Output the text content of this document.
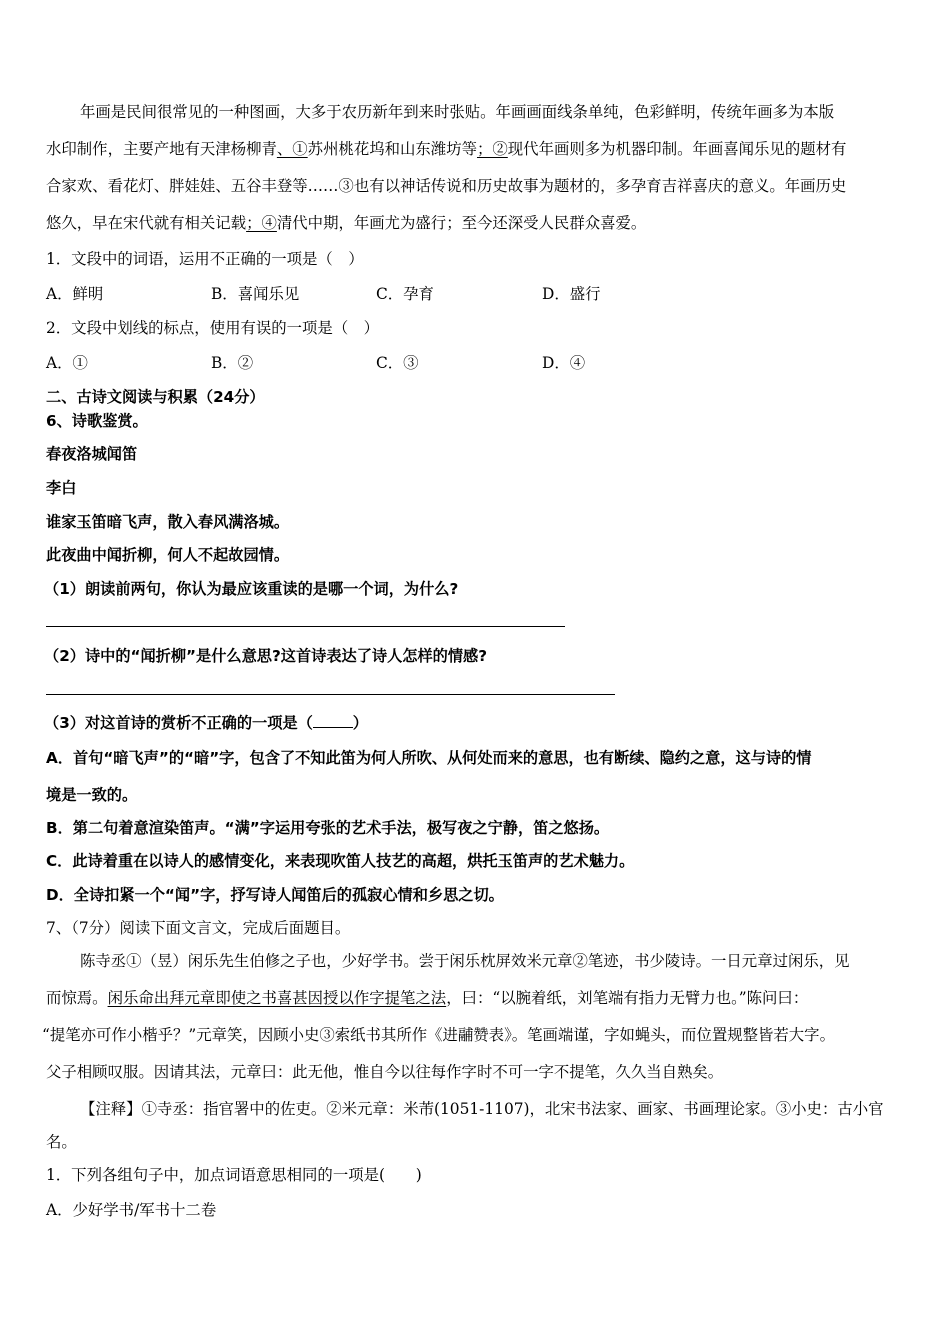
年画是民间很常见的一种图画，大多于农历新年到来时张贴。年画画面线条单纯，色彩鲜明，传统年画多为本版
水印制作，主要产地有天津杨柳青、①苏州桃花坞和山东潍坊等；②现代年画则多为机器印制。年画喜闻乐见的题材有
合家欢、看花灯、胖娃娃、五谷丰登等……③也有以神话传说和历史故事为题材的，多孕育吉祥喜庆的意义。年画历史
悠久，早在宋代就有相关记载；④清代中期，年画尤为盛行；至今还深受人民群众喜爱。
1．文段中的词语，运用不正确的一项是（　）
A．鲜明	B．喜闻乐见	C．孕育	D．盛行
2．文段中划线的标点，使用有误的一项是（　）
A．①	B．②	C．③	D．④
二、古诗文阅读与积累（24分）
6、诗歌鉴赏。
春夜洛城闻笛
李白
谁家玉笛暗飞声，散入春风满洛城。
此夜曲中闻折柳，何人不起故园情。
（1）朗读前两句，你认为最应该重读的是哪一个词，为什么?
（2）诗中的“闻折柳”是什么意思?这首诗表达了诗人怎样的情感?
（3）对这首诗的赏析不正确的一项是（	）
A．首句“暗飞声”的“暗”字，包含了不知此笛为何人所吹、从何处而来的意思，也有断续、隐约之意，这与诗的情
境是一致的。
B．第二句着意渲染笛声。“满”字运用夸张的艺术手法，极写夜之宁静，笛之悠扬。
C．此诗着重在以诗人的感情变化，来表现吹笛人技艺的高超，烘托玉笛声的艺术魅力。
D．全诗扣紧一个“闻”字，抒写诗人闻笛后的孤寂心情和乡思之切。
7、（7分）阅读下面文言文，完成后面题目。
陈寺丞①（昱）闲乐先生伯修之子也，少好学书。尝于闲乐枕屏效米元章②笔迹，书少陵诗。一日元章过闲乐，见
而惊焉。闲乐命出拜元章即使之书喜甚因授以作字提笔之法，曰：“以腕着纸，刘笔端有指力无臂力也。”陈问曰：
“提笔亦可作小楷乎？”元章笑，因顾小史③索纸书其所作《进鬴赞表》。笔画端谨，字如蝇头，而位置规整皆若大字。
父子相顾叹服。因请其法，元章曰：此无他，惟自今以往每作字时不可一字不提笔，久久当自熟矣。
【注释】①寺丞：指官署中的佐吏。②米元章：米芾(1051-1107)，北宋书法家、画家、书画理论家。③小史：古小官
名。
1．下列各组句子中，加点词语意思相同的一项是(　　)
A．少好学书/军书十二卷
